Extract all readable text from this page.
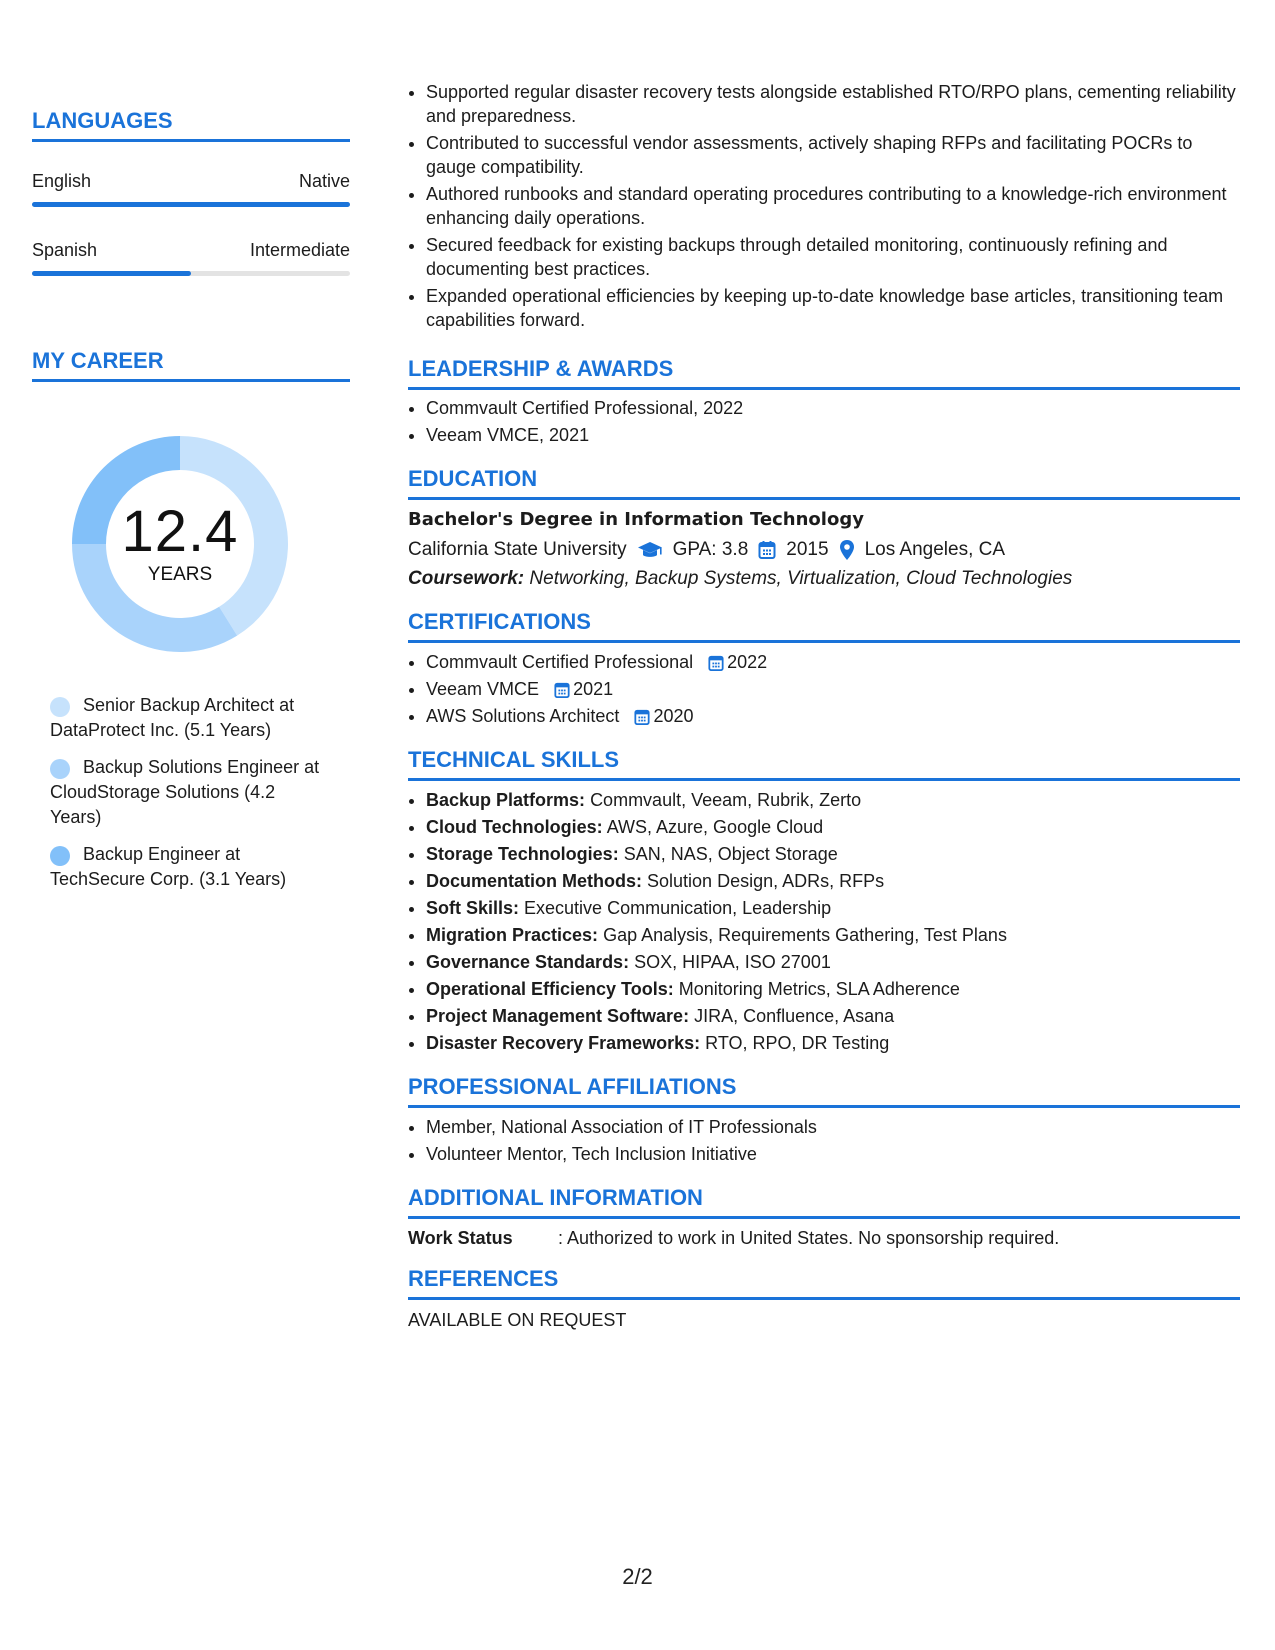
LANGUAGES
English	Native
Spanish	Intermediate
MY CAREER
12.4
YEARS
Senior Backup Architect at DataProtect Inc. (5.1 Years)
Backup Solutions Engineer at CloudStorage Solutions (4.2 Years)
Backup Engineer at TechSecure Corp. (3.1 Years)
• Supported regular disaster recovery tests alongside established RTO/RPO plans, cementing reliability and preparedness.
• Contributed to successful vendor assessments, actively shaping RFPs and facilitating POCRs to gauge compatibility.
• Authored runbooks and standard operating procedures contributing to a knowledge-rich environment enhancing daily operations.
• Secured feedback for existing backups through detailed monitoring, continuously refining and documenting best practices.
• Expanded operational efficiencies by keeping up-to-date knowledge base articles, transitioning team capabilities forward.
LEADERSHIP & AWARDS
• Commvault Certified Professional, 2022
• Veeam VMCE, 2021
EDUCATION
Bachelor's Degree in Information Technology
California State University GPA: 3.8 2015 Los Angeles, CA
Coursework: Networking, Backup Systems, Virtualization, Cloud Technologies
CERTIFICATIONS
• Commvault Certified Professional 2022
• Veeam VMCE 2021
• AWS Solutions Architect 2020
TECHNICAL SKILLS
• Backup Platforms: Commvault, Veeam, Rubrik, Zerto
• Cloud Technologies: AWS, Azure, Google Cloud
• Storage Technologies: SAN, NAS, Object Storage
• Documentation Methods: Solution Design, ADRs, RFPs
• Soft Skills: Executive Communication, Leadership
• Migration Practices: Gap Analysis, Requirements Gathering, Test Plans
• Governance Standards: SOX, HIPAA, ISO 27001
• Operational Efficiency Tools: Monitoring Metrics, SLA Adherence
• Project Management Software: JIRA, Confluence, Asana
• Disaster Recovery Frameworks: RTO, RPO, DR Testing
PROFESSIONAL AFFILIATIONS
• Member, National Association of IT Professionals
• Volunteer Mentor, Tech Inclusion Initiative
ADDITIONAL INFORMATION
Work Status	: Authorized to work in United States. No sponsorship required.
REFERENCES
AVAILABLE ON REQUEST
2/2
